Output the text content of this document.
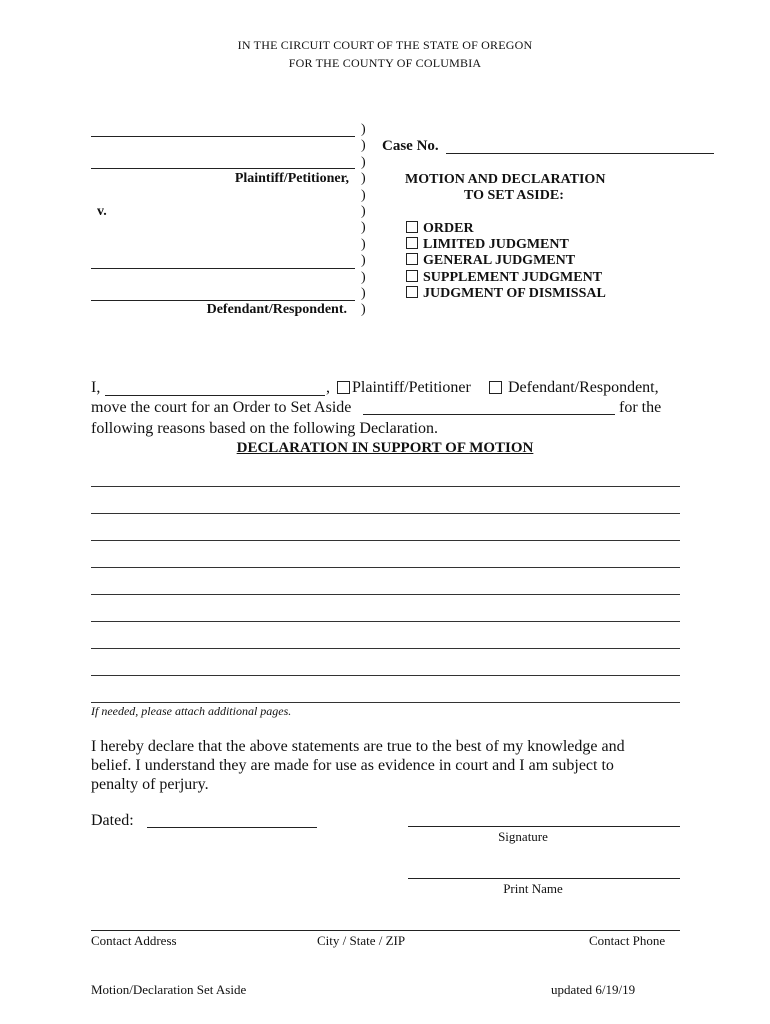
IN THE CIRCUIT COURT OF THE STATE OF OREGON
FOR THE COUNTY OF COLUMBIA
Plaintiff/Petitioner,
v.
Defendant/Respondent.
)
)
)
)
)
)
)
)
)
)
)
)
Case No.
MOTION AND DECLARATION
TO SET ASIDE:
ORDER
LIMITED JUDGMENT
GENERAL JUDGMENT
SUPPLEMENT JUDGMENT
JUDGMENT OF DISMISSAL
I,	, Plaintiff/Petitioner Defendant/Respondent,
move the court for an Order to Set Aside	for the
following reasons based on the following Declaration.
DECLARATION IN SUPPORT OF MOTION
If needed, please attach additional pages.
I hereby declare that the above statements are true to the best of my knowledge and
belief. I understand they are made for use as evidence in court and I am subject to
penalty of perjury.
Dated:
Signature
Print Name
Contact Address	City / State / ZIP	Contact Phone
Motion/Declaration Set Aside	updated 6/19/19
